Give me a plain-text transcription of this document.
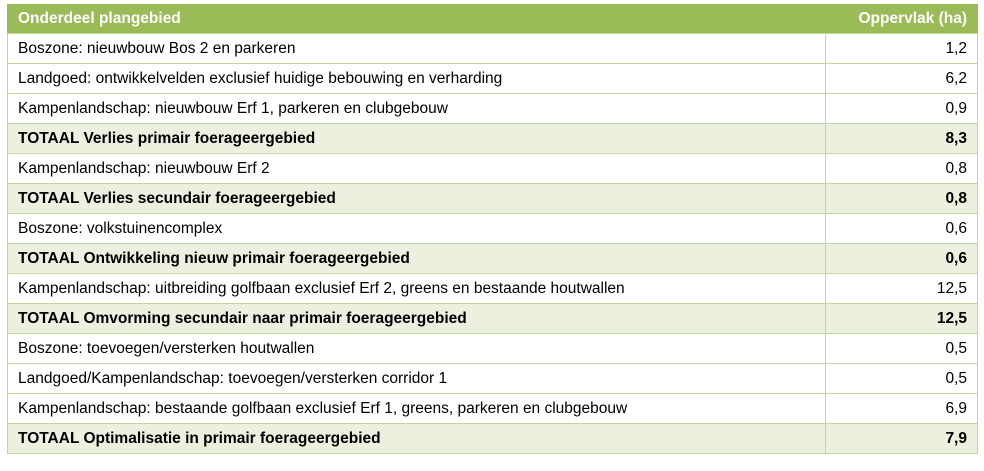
Onderdeel plangebied	Oppervlak (ha)
Boszone: nieuwbouw Bos 2 en parkeren	1,2
Landgoed: ontwikkelvelden exclusief huidige bebouwing en verharding	6,2
Kampenlandschap: nieuwbouw Erf 1, parkeren en clubgebouw	0,9
TOTAAL Verlies primair foerageergebied	8,3
Kampenlandschap: nieuwbouw Erf 2	0,8
TOTAAL Verlies secundair foerageergebied	0,8
Boszone: volkstuinencomplex	0,6
TOTAAL Ontwikkeling nieuw primair foerageergebied	0,6
Kampenlandschap: uitbreiding golfbaan exclusief Erf 2, greens en bestaande houtwallen	12,5
TOTAAL Omvorming secundair naar primair foerageergebied	12,5
Boszone: toevoegen/versterken houtwallen	0,5
Landgoed/Kampenlandschap: toevoegen/versterken corridor 1	0,5
Kampenlandschap: bestaande golfbaan exclusief Erf 1, greens, parkeren en clubgebouw	6,9
TOTAAL Optimalisatie in primair foerageergebied	7,9
